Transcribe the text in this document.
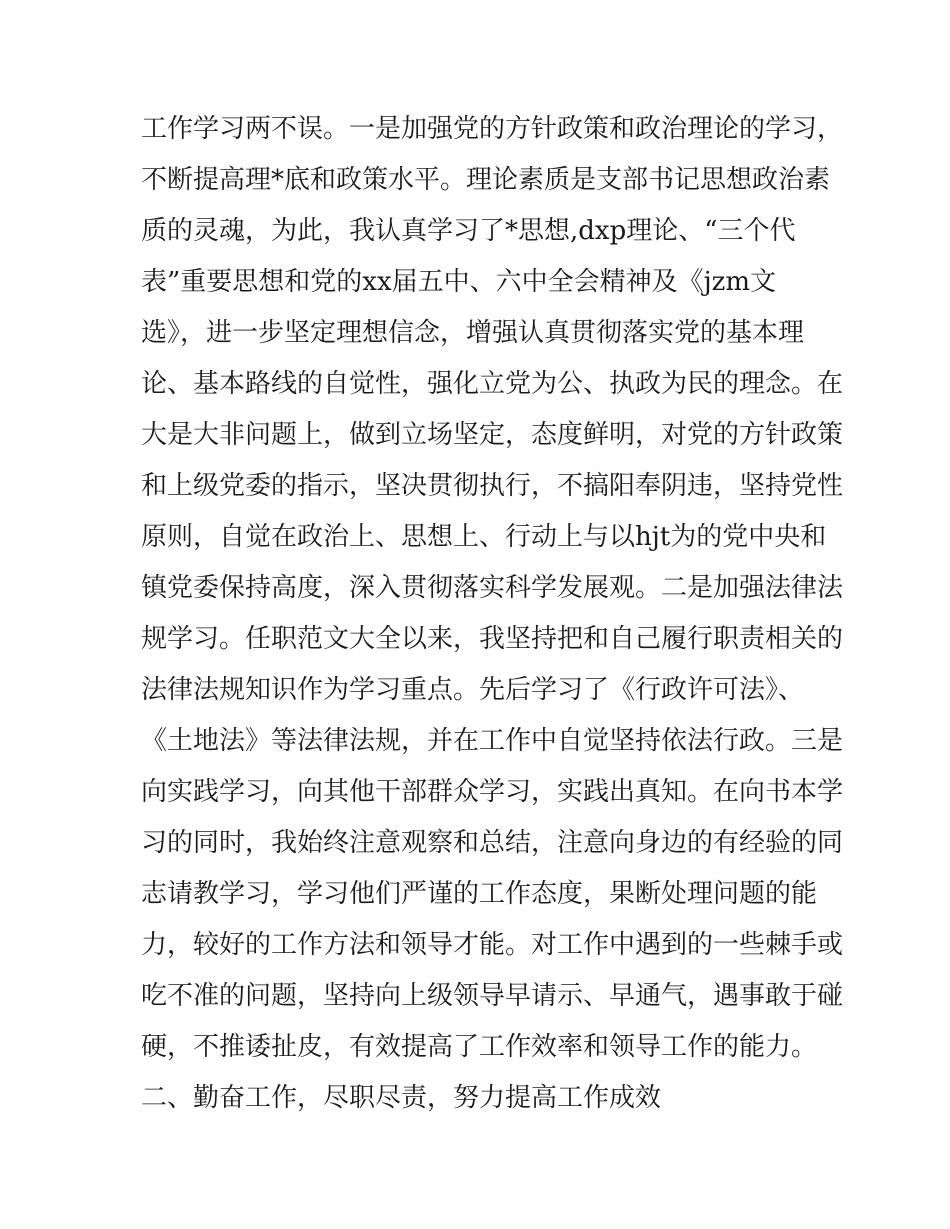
工作学习两不误。一是加强党的方针政策和政治理论的学习，
不断提高理*底和政策水平。理论素质是支部书记思想政治素
质的灵魂，为此，我认真学习了*思想,dxp理论、“三个代
表”重要思想和党的xx届五中、六中全会精神及《jzm文
选》，进一步坚定理想信念，增强认真贯彻落实党的基本理
论、基本路线的自觉性，强化立党为公、执政为民的理念。在
大是大非问题上，做到立场坚定，态度鲜明，对党的方针政策
和上级党委的指示，坚决贯彻执行，不搞阳奉阴违，坚持党性
原则，自觉在政治上、思想上、行动上与以hjt为的党中央和
镇党委保持高度，深入贯彻落实科学发展观。二是加强法律法
规学习。任职范文大全以来，我坚持把和自己履行职责相关的
法律法规知识作为学习重点。先后学习了《行政许可法》、
《土地法》等法律法规，并在工作中自觉坚持依法行政。三是
向实践学习，向其他干部群众学习，实践出真知。在向书本学
习的同时，我始终注意观察和总结，注意向身边的有经验的同
志请教学习，学习他们严谨的工作态度，果断处理问题的能
力，较好的工作方法和领导才能。对工作中遇到的一些棘手或
吃不准的问题，坚持向上级领导早请示、早通气，遇事敢于碰
硬，不推诿扯皮，有效提高了工作效率和领导工作的能力。
二、勤奋工作，尽职尽责，努力提高工作成效
